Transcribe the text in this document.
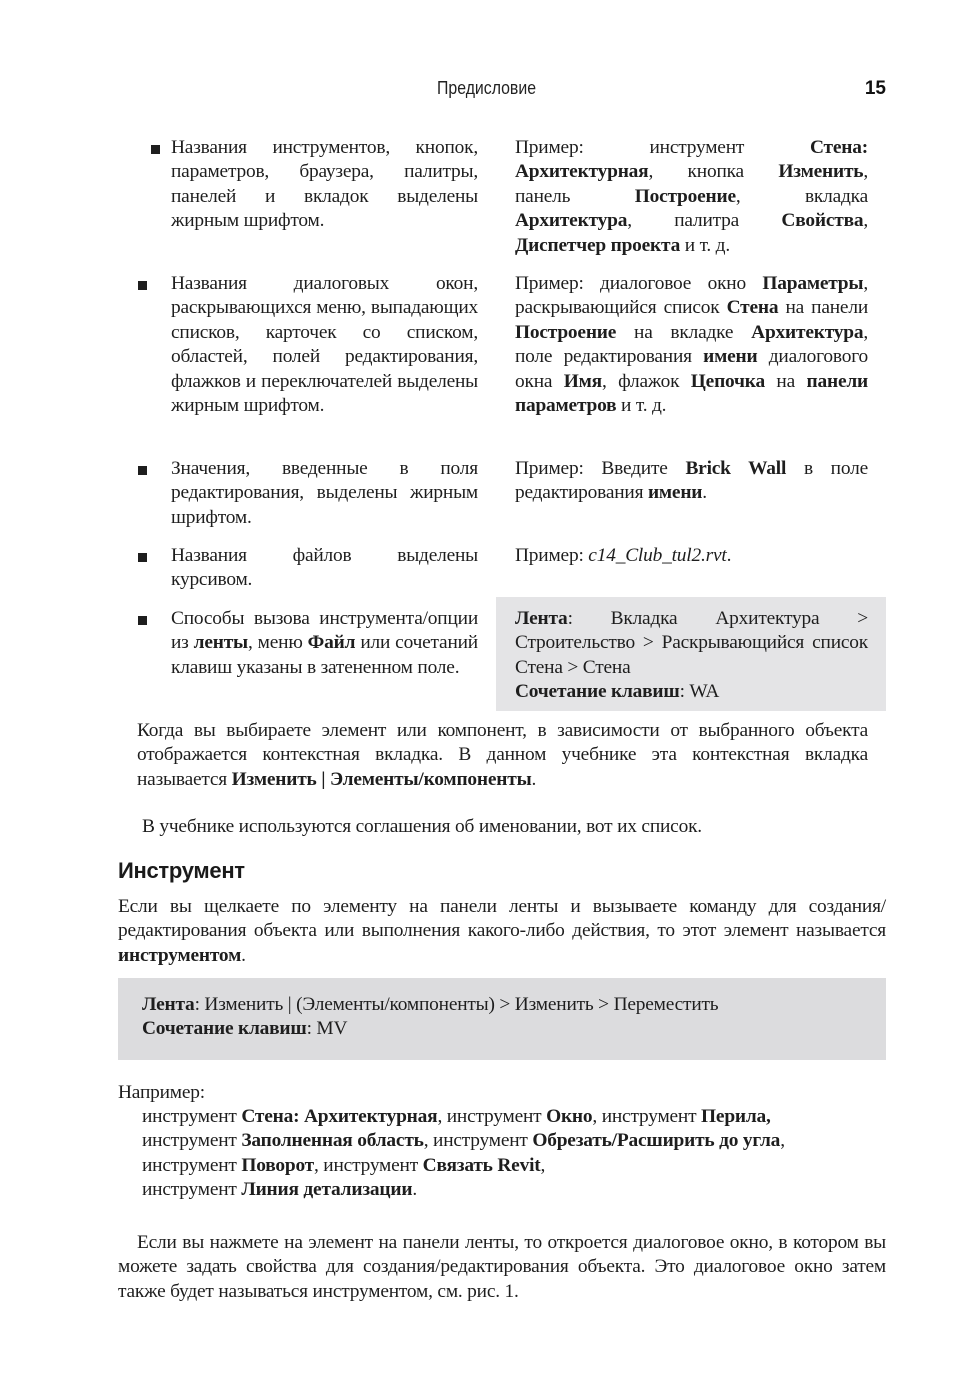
Предисловие	15
Названия инструментов, кнопок, параметров, браузера, палитры, панелей и вкладок выделены жирным шрифтом.
Пример: инструмент Стена: Архитектурная, кнопка Изменить, панель Построение, вкладка Архитектура, палитра Свойства, Диспетчер проекта и т. д.
Названия диалоговых окон, раскрывающихся меню, выпадающих списков, карточек со списком, областей, полей редактирования, флажков и переключателей выделены жирным шрифтом.
Пример: диалоговое окно Параметры, раскрывающийся список Стена на панели Построение на вкладке Архитектура, поле редактирования имени диалогового окна Имя, флажок Цепочка на панели параметров и т. д.
Значения, введенные в поля редактирования, выделены жирным шрифтом.
Пример: Введите Brick Wall в поле редактирования имени.
Названия файлов выделены курсивом.
Пример: c14_Club_tul2.rvt.
Способы вызова инструмента/опции из ленты, меню Файл или сочетаний клавиш указаны в затененном поле.
Лента: Вкладка Архитектура > Строительство > Раскрывающийся список Стена > Стена
Сочетание клавиш: WA
Когда вы выбираете элемент или компонент, в зависимости от выбранного объекта отображается контекстная вкладка. В данном учебнике эта контекстная вкладка называется Изменить | Элементы/компоненты.
В учебнике используются соглашения об именовании, вот их список.
Инструмент
Если вы щелкаете по элементу на панели ленты и вызываете команду для создания/редактирования объекта или выполнения какого-либо действия, то этот элемент называется инструментом.
Лента: Изменить | (Элементы/компоненты) > Изменить > Переместить
Сочетание клавиш: MV
Например:
инструмент Стена: Архитектурная, инструмент Окно, инструмент Перила,
инструмент Заполненная область, инструмент Обрезать/Расширить до угла,
инструмент Поворот, инструмент Связать Revit,
инструмент Линия детализации.
Если вы нажмете на элемент на панели ленты, то откроется диалоговое окно, в котором вы можете задать свойства для создания/редактирования объекта. Это диалоговое окно затем также будет называться инструментом, см. рис. 1.
